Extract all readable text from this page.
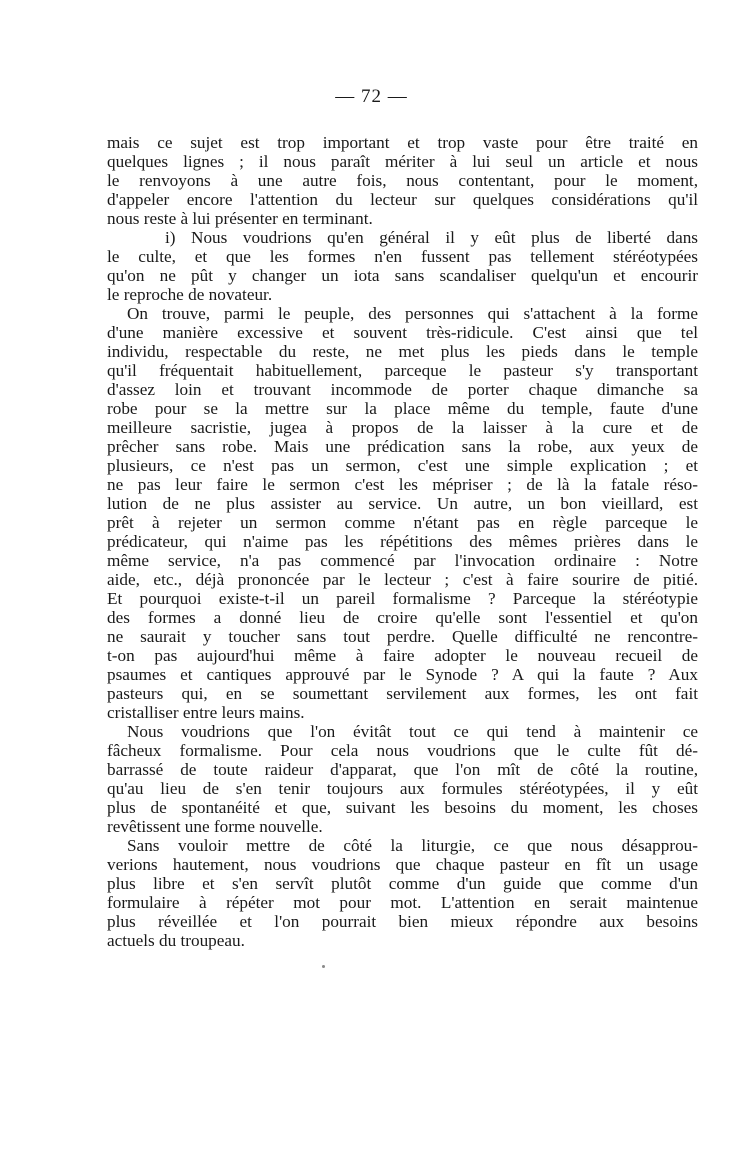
— 72 —
mais ce sujet est trop important et trop vaste pour être traité en
quelques lignes ; il nous paraît mériter à lui seul un article et nous
le renvoyons à une autre fois, nous contentant, pour le moment,
d'appeler encore l'attention du lecteur sur quelques considérations qu'il
nous reste à lui présenter en terminant.
i) Nous voudrions qu'en général il y eût plus de liberté dans
le culte, et que les formes n'en fussent pas tellement stéréotypées
qu'on ne pût y changer un iota sans scandaliser quelqu'un et encourir
le reproche de novateur.
On trouve, parmi le peuple, des personnes qui s'attachent à la forme
d'une manière excessive et souvent très-ridicule. C'est ainsi que tel
individu, respectable du reste, ne met plus les pieds dans le temple
qu'il fréquentait habituellement, parceque le pasteur s'y transportant
d'assez loin et trouvant incommode de porter chaque dimanche sa
robe pour se la mettre sur la place même du temple, faute d'une
meilleure sacristie, jugea à propos de la laisser à la cure et de
prêcher sans robe. Mais une prédication sans la robe, aux yeux de
plusieurs, ce n'est pas un sermon, c'est une simple explication ; et
ne pas leur faire le sermon c'est les mépriser ; de là la fatale réso-
lution de ne plus assister au service. Un autre, un bon vieillard, est
prêt à rejeter un sermon comme n'étant pas en règle parceque le
prédicateur, qui n'aime pas les répétitions des mêmes prières dans le
même service, n'a pas commencé par l'invocation ordinaire : Notre
aide, etc., déjà prononcée par le lecteur ; c'est à faire sourire de pitié.
Et pourquoi existe-t-il un pareil formalisme ? Parceque la stéréotypie
des formes a donné lieu de croire qu'elle sont l'essentiel et qu'on
ne saurait y toucher sans tout perdre. Quelle difficulté ne rencontre-
t-on pas aujourd'hui même à faire adopter le nouveau recueil de
psaumes et cantiques approuvé par le Synode ? A qui la faute ? Aux
pasteurs qui, en se soumettant servilement aux formes, les ont fait
cristalliser entre leurs mains.
Nous voudrions que l'on évitât tout ce qui tend à maintenir ce
fâcheux formalisme. Pour cela nous voudrions que le culte fût dé-
barrassé de toute raideur d'apparat, que l'on mît de côté la routine,
qu'au lieu de s'en tenir toujours aux formules stéréotypées, il y eût
plus de spontanéité et que, suivant les besoins du moment, les choses
revêtissent une forme nouvelle.
Sans vouloir mettre de côté la liturgie, ce que nous désapprou-
verions hautement, nous voudrions que chaque pasteur en fît un usage
plus libre et s'en servît plutôt comme d'un guide que comme d'un
formulaire à répéter mot pour mot. L'attention en serait maintenue
plus réveillée et l'on pourrait bien mieux répondre aux besoins
actuels du troupeau.
